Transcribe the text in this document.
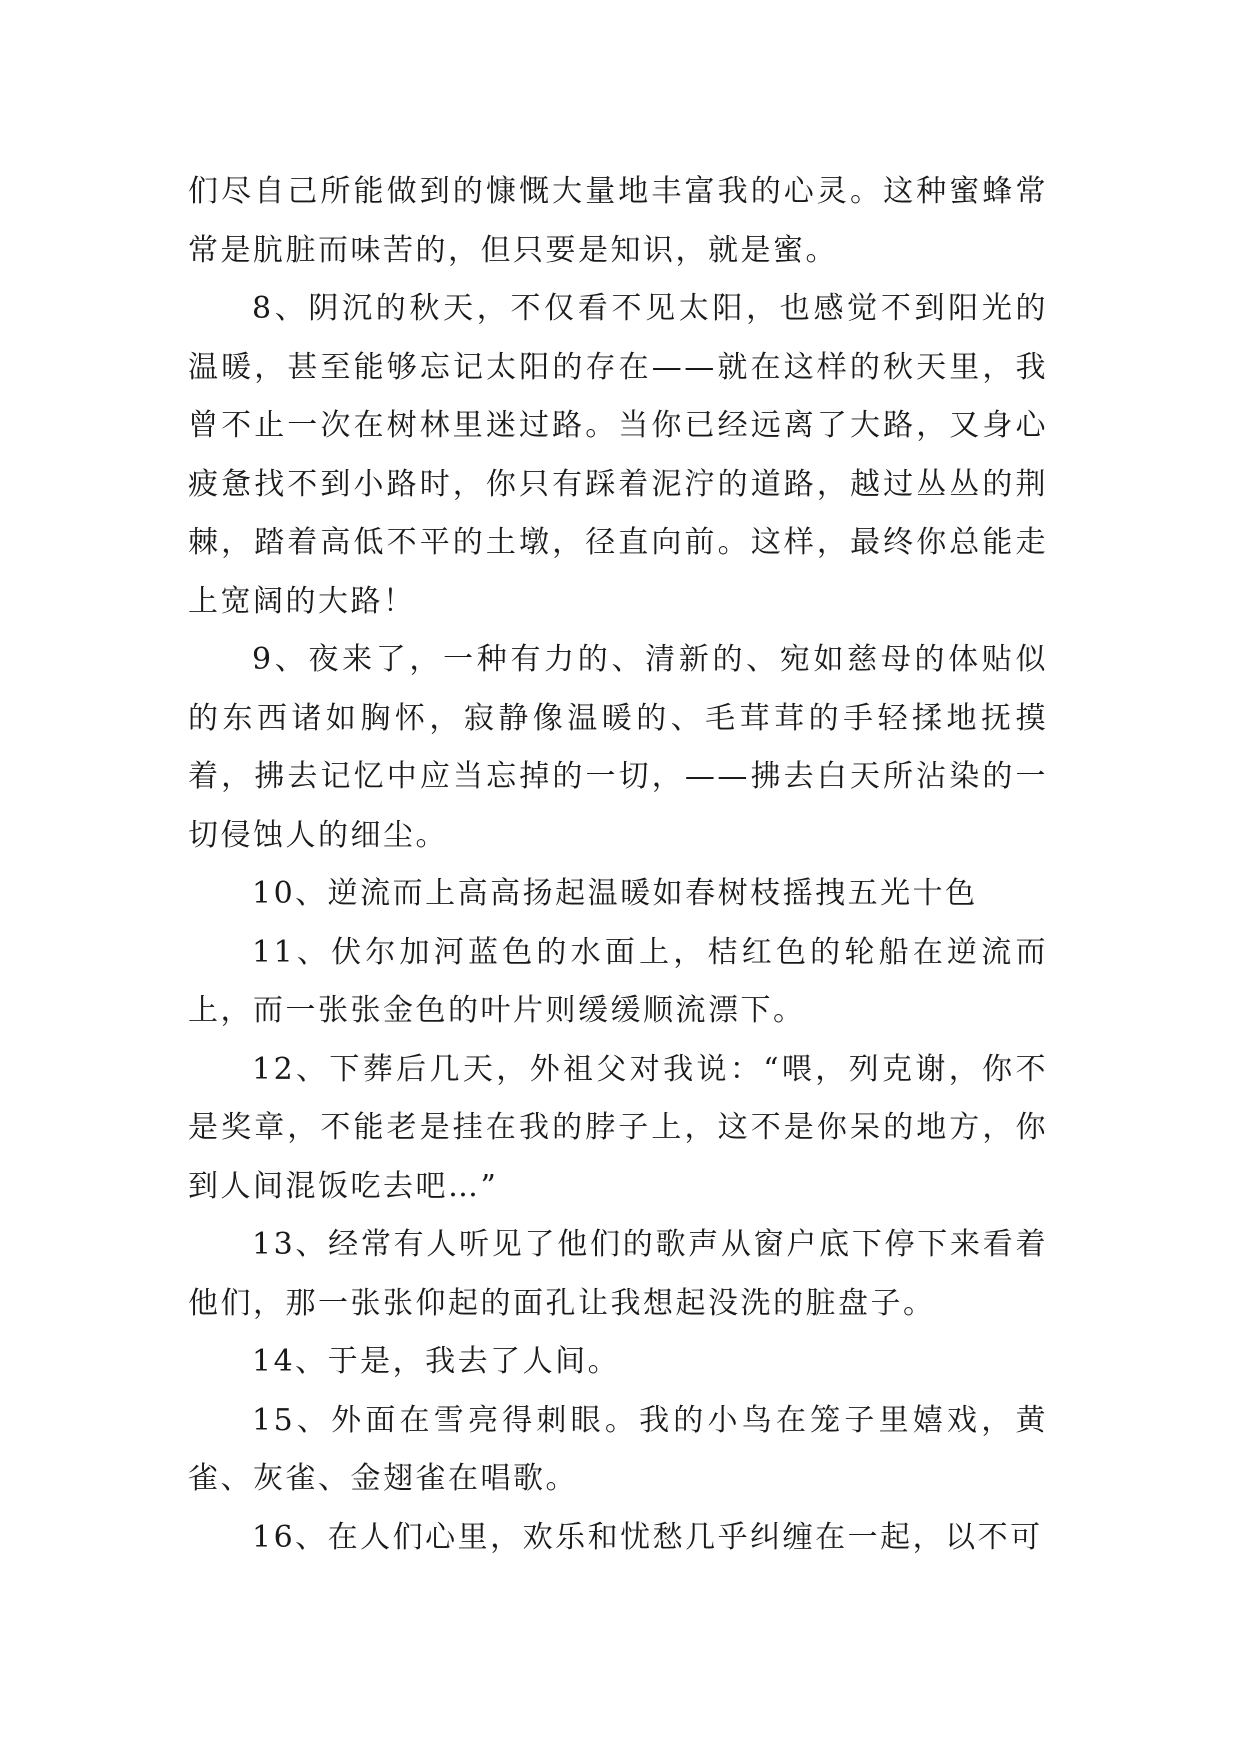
们尽自己所能做到的慷慨大量地丰富我的心灵。这种蜜蜂常常是肮脏而味苦的，但只要是知识，就是蜜。

8、阴沉的秋天，不仅看不见太阳，也感觉不到阳光的温暖，甚至能够忘记太阳的存在——就在这样的秋天里，我曾不止一次在树林里迷过路。当你已经远离了大路，又身心疲惫找不到小路时，你只有踩着泥泞的道路，越过丛丛的荆棘，踏着高低不平的土墩，径直向前。这样，最终你总能走上宽阔的大路！

9、夜来了，一种有力的、清新的、宛如慈母的体贴似的东西诸如胸怀，寂静像温暖的、毛茸茸的手轻揉地抚摸着，拂去记忆中应当忘掉的一切，——拂去白天所沾染的一切侵蚀人的细尘。

10、逆流而上高高扬起温暖如春树枝摇拽五光十色

11、伏尔加河蓝色的水面上，桔红色的轮船在逆流而上，而一张张金色的叶片则缓缓顺流漂下。

12、下葬后几天，外祖父对我说：“喂，列克谢，你不是奖章，不能老是挂在我的脖子上，这不是你呆的地方，你到人间混饭吃去吧…”

13、经常有人听见了他们的歌声从窗户底下停下来看着他们，那一张张仰起的面孔让我想起没洗的脏盘子。

14、于是，我去了人间。

15、外面在雪亮得刺眼。我的小鸟在笼子里嬉戏，黄雀、灰雀、金翅雀在唱歌。

16、在人们心里，欢乐和忧愁几乎纠缠在一起，以不可
